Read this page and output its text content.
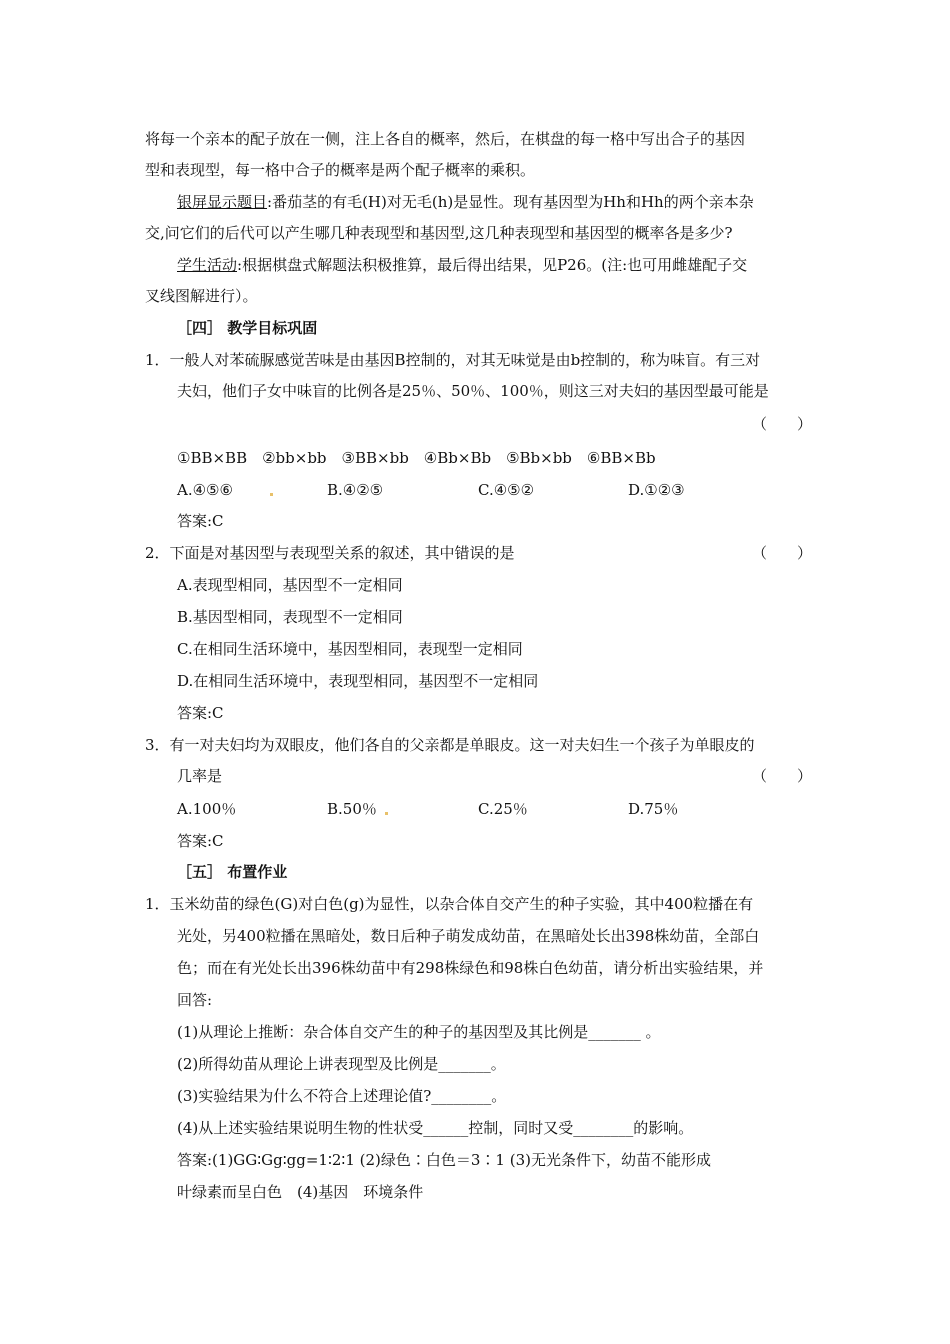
将每一个亲本的配子放在一侧，注上各自的概率，然后，在棋盘的每一格中写出合子的基因
型和表现型，每一格中合子的概率是两个配子概率的乘积。
银屏显示题目:番茄茎的有毛(H)对无毛(h)是显性。现有基因型为Hh和Hh的两个亲本杂
交,问它们的后代可以产生哪几种表现型和基因型,这几种表现型和基因型的概率各是多少?
学生活动:根据棋盘式解题法积极推算，最后得出结果，见P26。(注:也可用雌雄配子交
叉线图解进行）。
［四］ 教学目标巩固
1．一般人对苯硫脲感觉苦味是由基因B控制的，对其无味觉是由b控制的，称为味盲。有三对
夫妇，他们子女中味盲的比例各是25％、50％、100％，则这三对夫妇的基因型最可能是
（　　）
①BB×BB　②bb×bb　③BB×bb　④Bb×Bb　⑤Bb×bb　⑥BB×Bb
A.④⑤⑥	B.④②⑤	C.④⑤②	D.①②③
答案:C
2．下面是对基因型与表现型关系的叙述，其中错误的是	（　　）
A.表现型相同，基因型不一定相同
B.基因型相同，表现型不一定相同
C.在相同生活环境中，基因型相同，表现型一定相同
D.在相同生活环境中，表现型相同，基因型不一定相同
答案:C
3．有一对夫妇均为双眼皮，他们各自的父亲都是单眼皮。这一对夫妇生一个孩子为单眼皮的
几率是	（　　）
A.100％	B.50％	C.25％	D.75％
答案:C
［五］ 布置作业
1．玉米幼苗的绿色(G)对白色(g)为显性，以杂合体自交产生的种子实验，其中400粒播在有
光处，另400粒播在黑暗处，数日后种子萌发成幼苗，在黑暗处长出398株幼苗，全部白
色；而在有光处长出396株幼苗中有298株绿色和98株白色幼苗，请分析出实验结果，并
回答:
(1)从理论上推断：杂合体自交产生的种子的基因型及其比例是_______ 。
(2)所得幼苗从理论上讲表现型及比例是_______。
(3)实验结果为什么不符合上述理论值?________。
(4)从上述实验结果说明生物的性状受______控制，同时又受________的影响。
答案:(1)GG∶Gg∶gg=1∶2∶1 (2)绿色∶白色＝3∶1 (3)无光条件下，幼苗不能形成
叶绿素而呈白色　(4)基因　环境条件
